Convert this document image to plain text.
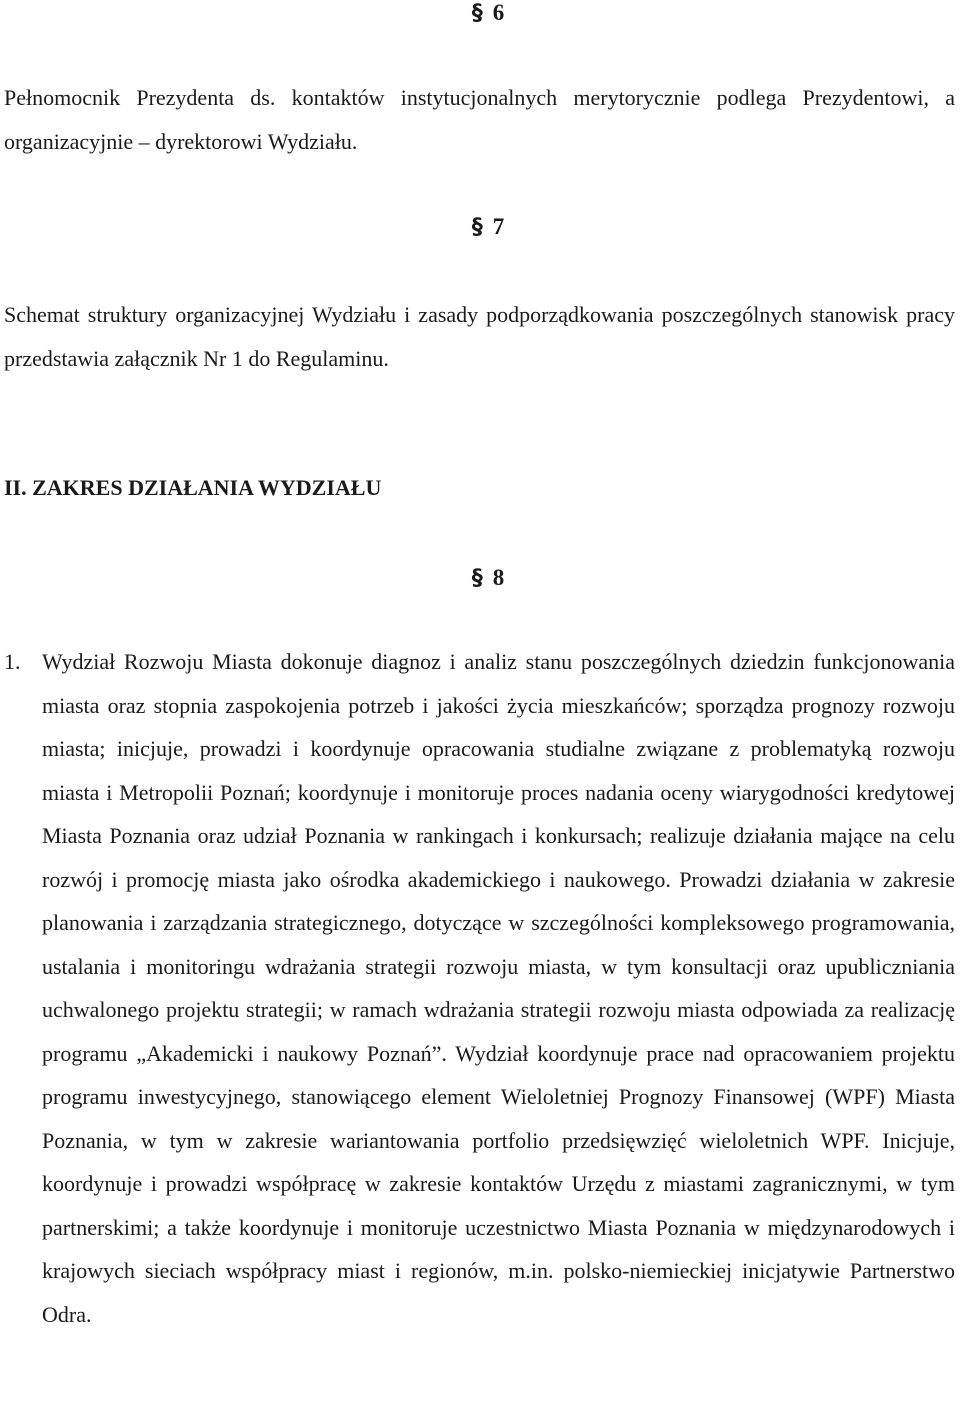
§ 6

Pełnomocnik Prezydenta ds. kontaktów instytucjonalnych merytorycznie podlega Prezydentowi, a organizacyjnie – dyrektorowi Wydziału.

§ 7

Schemat struktury organizacyjnej Wydziału i zasady podporządkowania poszczególnych stanowisk pracy przedstawia załącznik Nr 1 do Regulaminu.

II. ZAKRES DZIAŁANIA WYDZIAŁU
§ 8
1. Wydział Rozwoju Miasta dokonuje diagnoz i analiz stanu poszczególnych dziedzin funkcjonowania miasta oraz stopnia zaspokojenia potrzeb i jakości życia mieszkańców; sporządza prognozy rozwoju miasta; inicjuje, prowadzi i koordynuje opracowania studialne związane z problematyką rozwoju miasta i Metropolii Poznań; koordynuje i monitoruje proces nadania oceny wiarygodności kredytowej Miasta Poznania oraz udział Poznania w rankingach i konkursach; realizuje działania mające na celu rozwój i promocję miasta jako ośrodka akademickiego i naukowego. Prowadzi działania w zakresie planowania i zarządzania strategicznego, dotyczące w szczególności kompleksowego programowania, ustalania i monitoringu wdrażania strategii rozwoju miasta, w tym konsultacji oraz upubliczniania uchwalonego projektu strategii; w ramach wdrażania strategii rozwoju miasta odpowiada za realizację programu „Akademicki i naukowy Poznań”. Wydział koordynuje prace nad opracowaniem projektu programu inwestycyjnego, stanowiącego element Wieloletniej Prognozy Finansowej (WPF) Miasta Poznania, w tym w zakresie wariantowania portfolio przedsięwzięć wieloletnich WPF. Inicjuje, koordynuje i prowadzi współpracę w zakresie kontaktów Urzędu z miastami zagranicznymi, w tym partnerskimi; a także koordynuje i monitoruje uczestnictwo Miasta Poznania w międzynarodowych i krajowych sieciach współpracy miast i regionów, m.in. polsko-niemieckiej inicjatywie Partnerstwo Odra.
